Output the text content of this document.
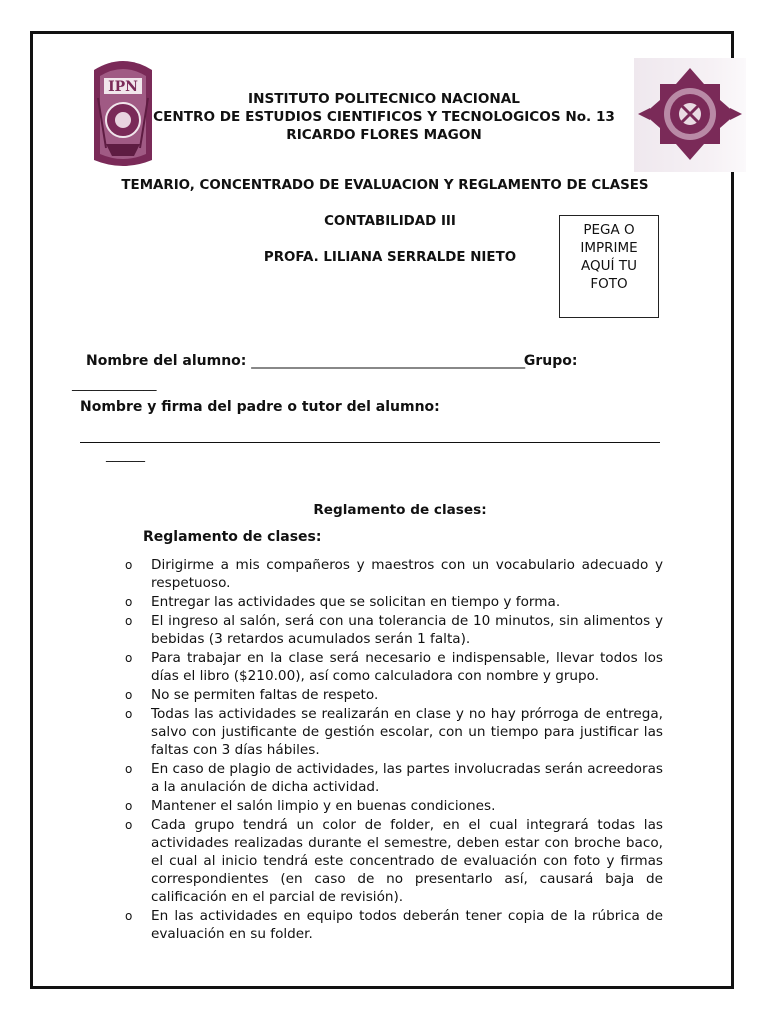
IPN
INSTITUTO POLITECNICO NACIONAL
CENTRO DE ESTUDIOS CIENTIFICOS Y TECNOLOGICOS No. 13
RICARDO FLORES MAGON
TEMARIO, CONCENTRADO DE EVALUACION Y REGLAMENTO DE CLASES
CONTABILIDAD III
PROFA. LILIANA SERRALDE NIETO
PEGA O
IMPRIME
AQUÍ TU
FOTO
Nombre del alumno: _______________________________________________Grupo:
_____________
Nombre y firma del padre o tutor del alumno:
______
Reglamento de clases:
Reglamento de clases:
o Dirigirme a mis compañeros y maestros con un vocabulario adecuado y respetuoso.
o Entregar las actividades que se solicitan en tiempo y forma.
o El ingreso al salón, será con una tolerancia de 10 minutos, sin alimentos y bebidas (3 retardos acumulados serán 1 falta).
o Para trabajar en la clase será necesario e indispensable, llevar todos los días el libro ($210.00), así como calculadora con nombre y grupo.
o No se permiten faltas de respeto.
o Todas las actividades se realizarán en clase y no hay prórroga de entrega, salvo con justificante de gestión escolar, con un tiempo para justificar las faltas con 3 días hábiles.
o En caso de plagio de actividades, las partes involucradas serán acreedoras a la anulación de dicha actividad.
o Mantener el salón limpio y en buenas condiciones.
o Cada grupo tendrá un color de folder, en el cual integrará todas las actividades realizadas durante el semestre, deben estar con broche baco, el cual al inicio tendrá este concentrado de evaluación con foto y firmas correspondientes (en caso de no presentarlo así, causará baja de calificación en el parcial de revisión).
o En las actividades en equipo todos deberán tener copia de la rúbrica de evaluación en su folder.
